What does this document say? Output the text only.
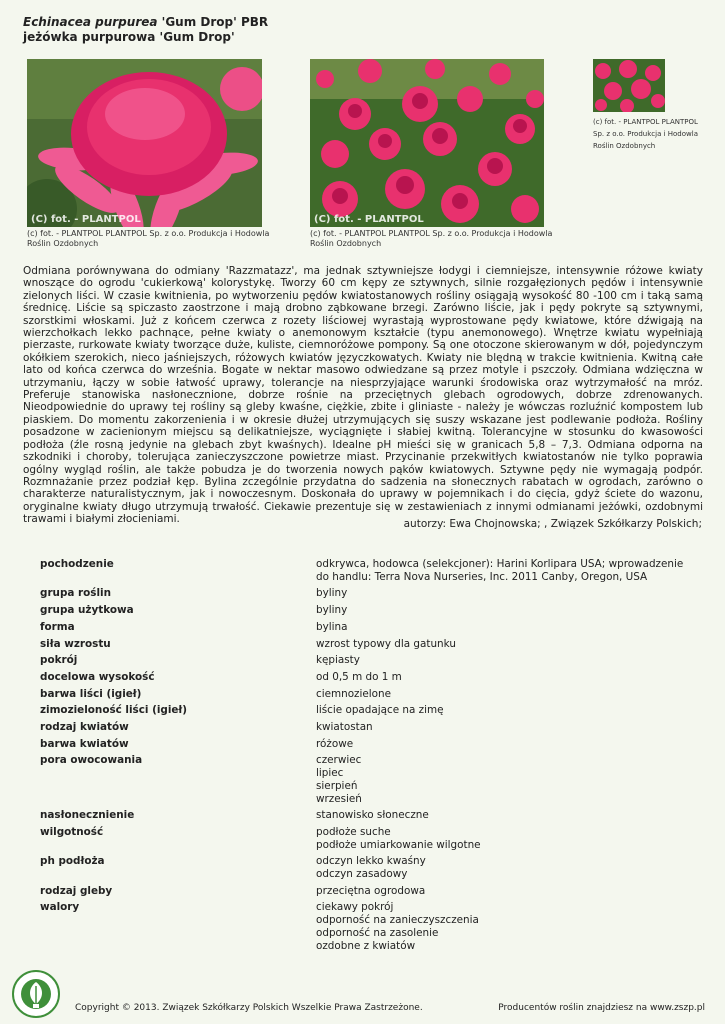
Echinacea purpurea 'Gum Drop' PBR
jeżówka purpurowa 'Gum Drop'
(C) fot. - PLANTPOL
(c) fot. - PLANTPOL PLANTPOL Sp. z o.o. Produkcja i Hodowla Roślin Ozdobnych
(C) fot. - PLANTPOL
(c) fot. - PLANTPOL PLANTPOL Sp. z o.o. Produkcja i Hodowla Roślin Ozdobnych
(c) fot. - PLANTPOL PLANTPOL Sp. z o.o. Produkcja i Hodowla Roślin Ozdobnych
Odmiana porównywana do odmiany 'Razzmatazz', ma jednak sztywniejsze łodygi i ciemniejsze, intensywnie różowe kwiaty wnoszące do ogrodu 'cukierkową' kolorystykę. Tworzy 60 cm kępy ze sztywnych, silnie rozgałęzionych pędów i intensywnie zielonych liści. W czasie kwitnienia, po wytworzeniu pędów kwiatostanowych rośliny osiągają wysokość 80 -100 cm i taką samą średnicę. Liście są spiczasto zaostrzone i mają drobno ząbkowane brzegi. Zarówno liście, jak i pędy pokryte są sztywnymi, szorstkimi włoskami. Już z końcem czerwca z rozety liściowej wyrastają wyprostowane pędy kwiatowe, które dźwigają na wierzchołkach lekko pachnące, pełne kwiaty o anemonowym kształcie (typu anemonowego). Wnętrze kwiatu wypełniają pierzaste, rurkowate kwiaty tworzące duże, kuliste, ciemnoróżowe pompony. Są one otoczone skierowanym w dół, pojedynczym okółkiem szerokich, nieco jaśniejszych, różowych kwiatów języczkowatych. Kwiaty nie blędną w trakcie kwitnienia. Kwitną całe lato od końca czerwca do września. Bogate w nektar masowo odwiedzane są przez motyle i pszczoły. Odmiana wdzięczna w utrzymaniu, łączy w sobie łatwość uprawy, tolerancje na niesprzyjające warunki środowiska oraz wytrzymałość na mróz. Preferuje stanowiska nasłonecznione, dobrze rośnie na przeciętnych glebach ogrodowych, dobrze zdrenowanych. Nieodpowiednie do uprawy tej rośliny są gleby kwaśne, ciężkie, zbite i gliniaste - należy je wówczas rozluźnić kompostem lub piaskiem. Do momentu zakorzenienia i w okresie dłużej utrzymujących się suszy wskazane jest podlewanie podłoża. Rośliny posadzone w zacienionym miejscu są delikatniejsze, wyciągnięte i słabiej kwitną. Tolerancyjne w stosunku do kwasowości podłoża (źle rosną jedynie na glebach zbyt kwaśnych). Idealne pH mieści się w granicach 5,8 – 7,3. Odmiana odporna na szkodniki i choroby, tolerująca zanieczyszczone powietrze miast. Przycinanie przekwitłych kwiatostanów nie tylko poprawia ogólny wygląd roślin, ale także pobudza je do tworzenia nowych pąków kwiatowych. Sztywne pędy nie wymagają podpór. Rozmnażanie przez podział kęp. Bylina zczególnie przydatna do sadzenia na słonecznych rabatach w ogrodach, zarówno o charakterze naturalistycznym, jak i nowoczesnym. Doskonała do uprawy w pojemnikach i do cięcia, gdyż ściete do wazonu, oryginalne kwiaty długo utrzymują trwałość. Ciekawie prezentuje się w zestawieniach z innymi odmianami jeżówki, ozdobnymi trawami i białymi złocieniami.	autorzy: Ewa Chojnowska; , Związek Szkółkarzy Polskich;
pochodzenie	odkrywca, hodowca (selekcjoner): Harini Korlipara USA; wprowadzenie do handlu: Terra Nova Nurseries, Inc. 2011 Canby, Oregon, USA

grupa roślin	byliny

grupa użytkowa	byliny

forma	bylina

siła wzrostu	wzrost typowy dla gatunku

pokrój	kępiasty

docelowa wysokość	od 0,5 m do 1 m

barwa liści (igieł)	ciemnozielone

zimozieloność liści (igieł)	liście opadające na zimę

rodzaj kwiatów	kwiatostan

barwa kwiatów	różowe

pora owocowania	czerwiec
lipiec
sierpień
wrzesień

nasłonecznienie	stanowisko słoneczne

wilgotność	podłoże suche
podłoże umiarkowanie wilgotne

ph podłoża	odczyn lekko kwaśny
odczyn zasadowy

rodzaj gleby	przeciętna ogrodowa

walory	ciekawy pokrój
odporność na zanieczyszczenia
odporność na zasolenie
ozdobne z kwiatów
Copyright © 2013. Związek Szkółkarzy Polskich Wszelkie Prawa Zastrzeżone.	Producentów roślin znajdziesz na www.zszp.pl
